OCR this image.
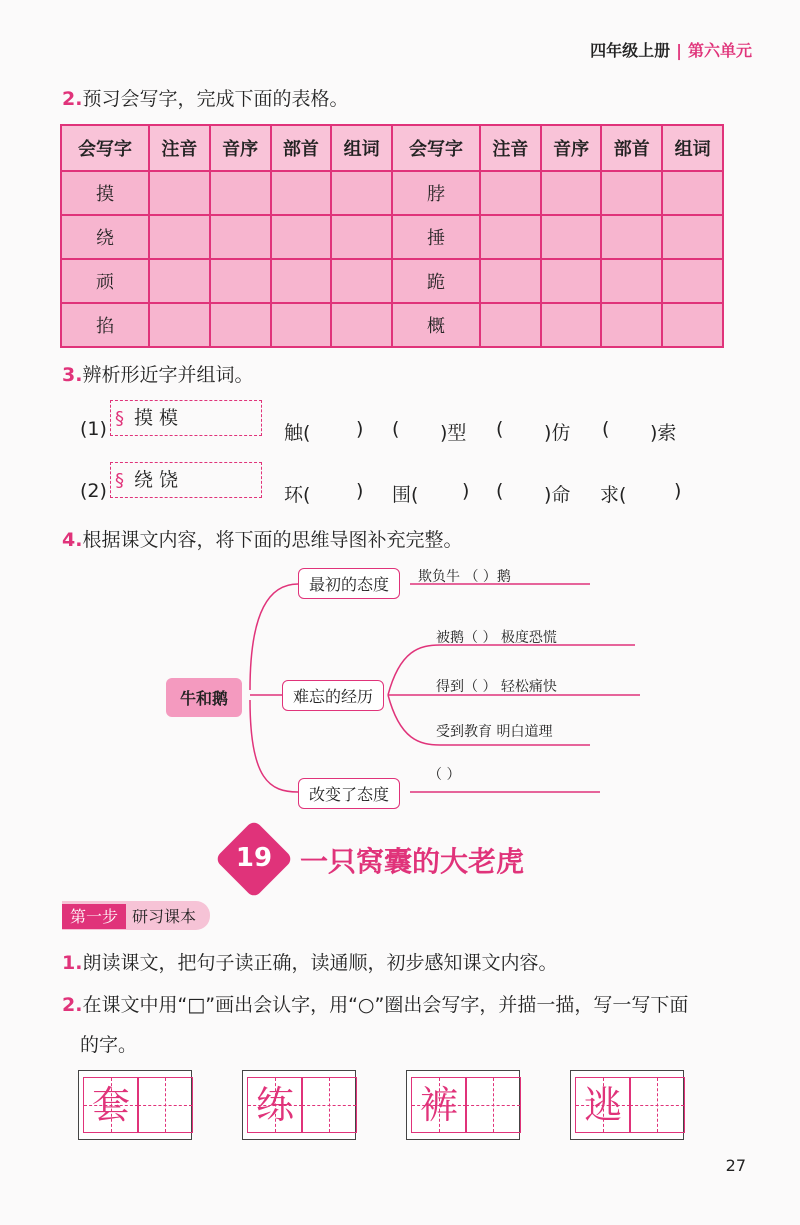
四年级上册 | 第六单元
2.预习会写字，完成下面的表格。
会写字	注音	音序	部首	组词	会写字	注音	音序	部首	组词
摸					脖				
绕					捶				
顽					跪				
掐					概				
3.辨析形近字并组词。
(1) § 摸 模
触( ) ( )型 ( )仿 ( )索
(2) § 绕 饶
环( ) 围( ) ( )命 求(	)
4.根据课文内容，将下面的思维导图补充完整。
牛和鹅
最初的态度	欺负牛 （ ）鹅
难忘的经历
被鹅（ ） 极度恐慌
得到（ ） 轻松痛快
受到教育 明白道理
改变了态度
（ ）
19 一只窝囊的大老虎
第一步 研习课本
1.朗读课文，把句子读正确，读通顺，初步感知课文内容。
2.在课文中用“□”画出会认字，用“○”圈出会写字，并描一描，写一写下面
的字。
套	练	裤	逃
27
